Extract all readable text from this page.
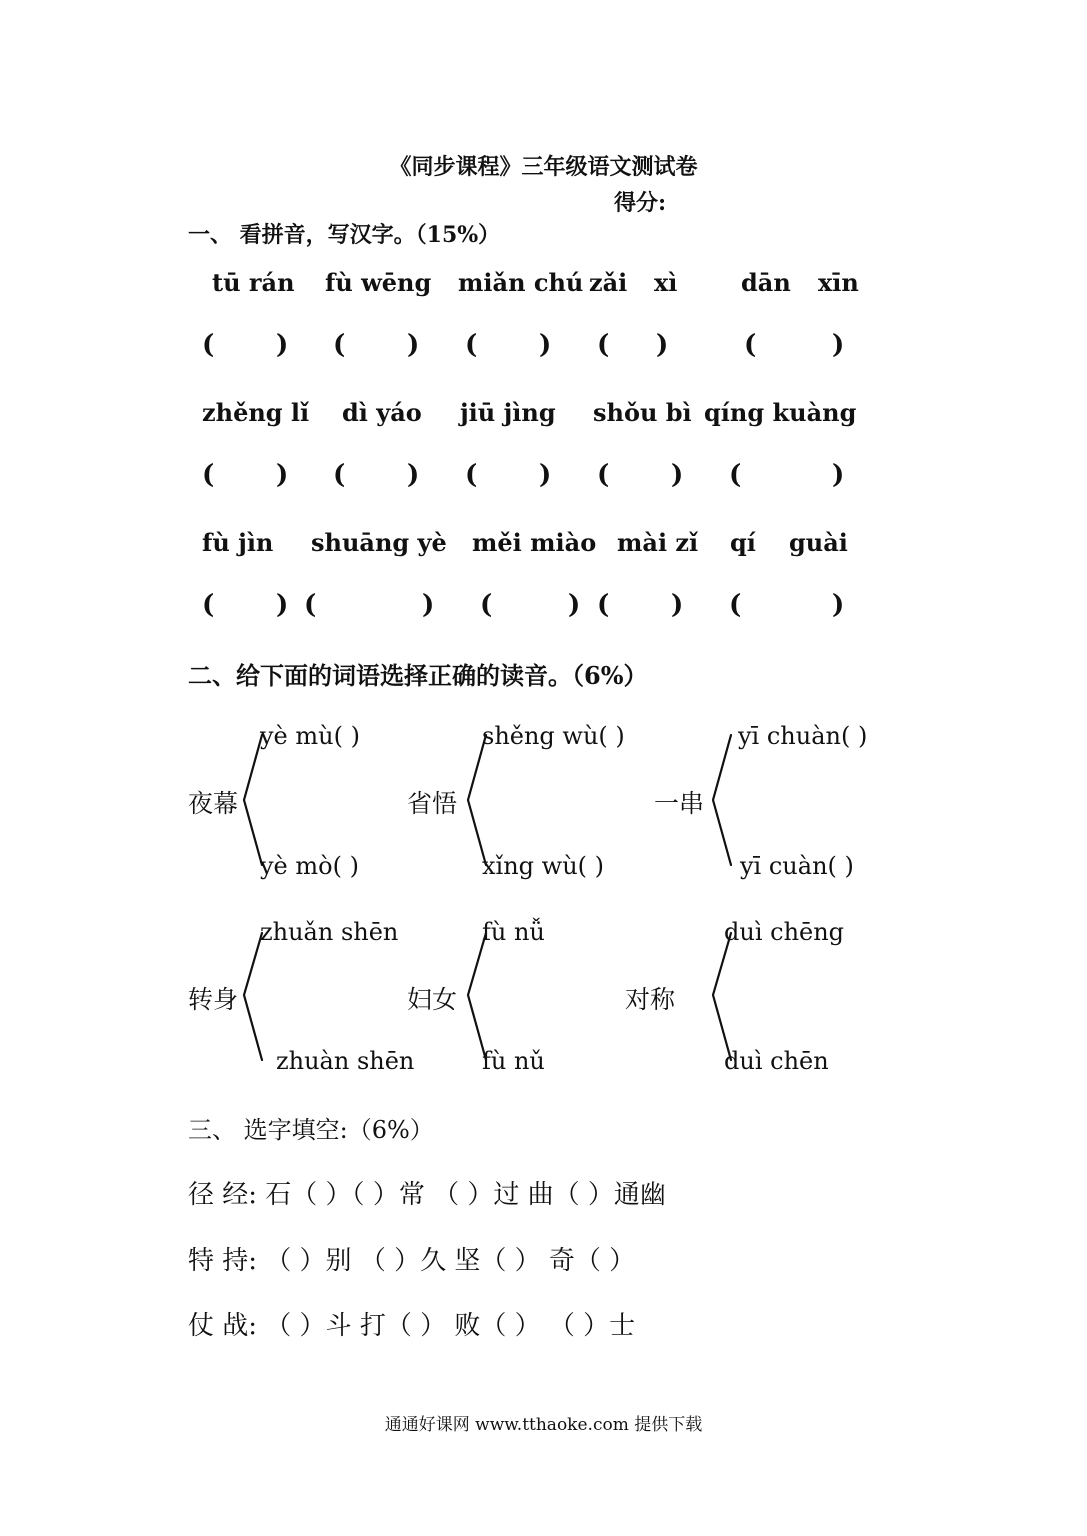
《同步课程》三年级语文测试卷
得分:
一、 看拼音，写汉字。（15%）
tū rán fù wēng miǎn chú zǎi xì	dān xīn
( ) ( ) ( ) ( )	(	)
zhěng lǐ dì yáo jiū jìng shǒu bì qíng kuàng
( ) ( ) ( ) ( ) (	)
fù jìn shuāng yè měi miào mài zǐ qí guài
( ) (	) (	) ( ) (	)
二、给下面的词语选择正确的读音。（6%）
夜幕
yè mù( )
yè mò( )
省悟
shěng wù( )
xǐng wù( )
一串
yī chuàn( )
yī cuàn( )
转身
zhuǎn shēn
zhuàn shēn
妇女
fù nǚ
fù nǔ
对称
duì chēng
duì chēn
三、 选字填空:（6%）
径 经: 石（ ）（ ）常 （ ）过 曲（ ）通幽
特 持: （ ）别 （ ）久 坚（ ） 奇（ ）
仗 战: （ ）斗 打（ ） 败（ ） （ ）士
通通好课网 www.tthaoke.com 提供下载
